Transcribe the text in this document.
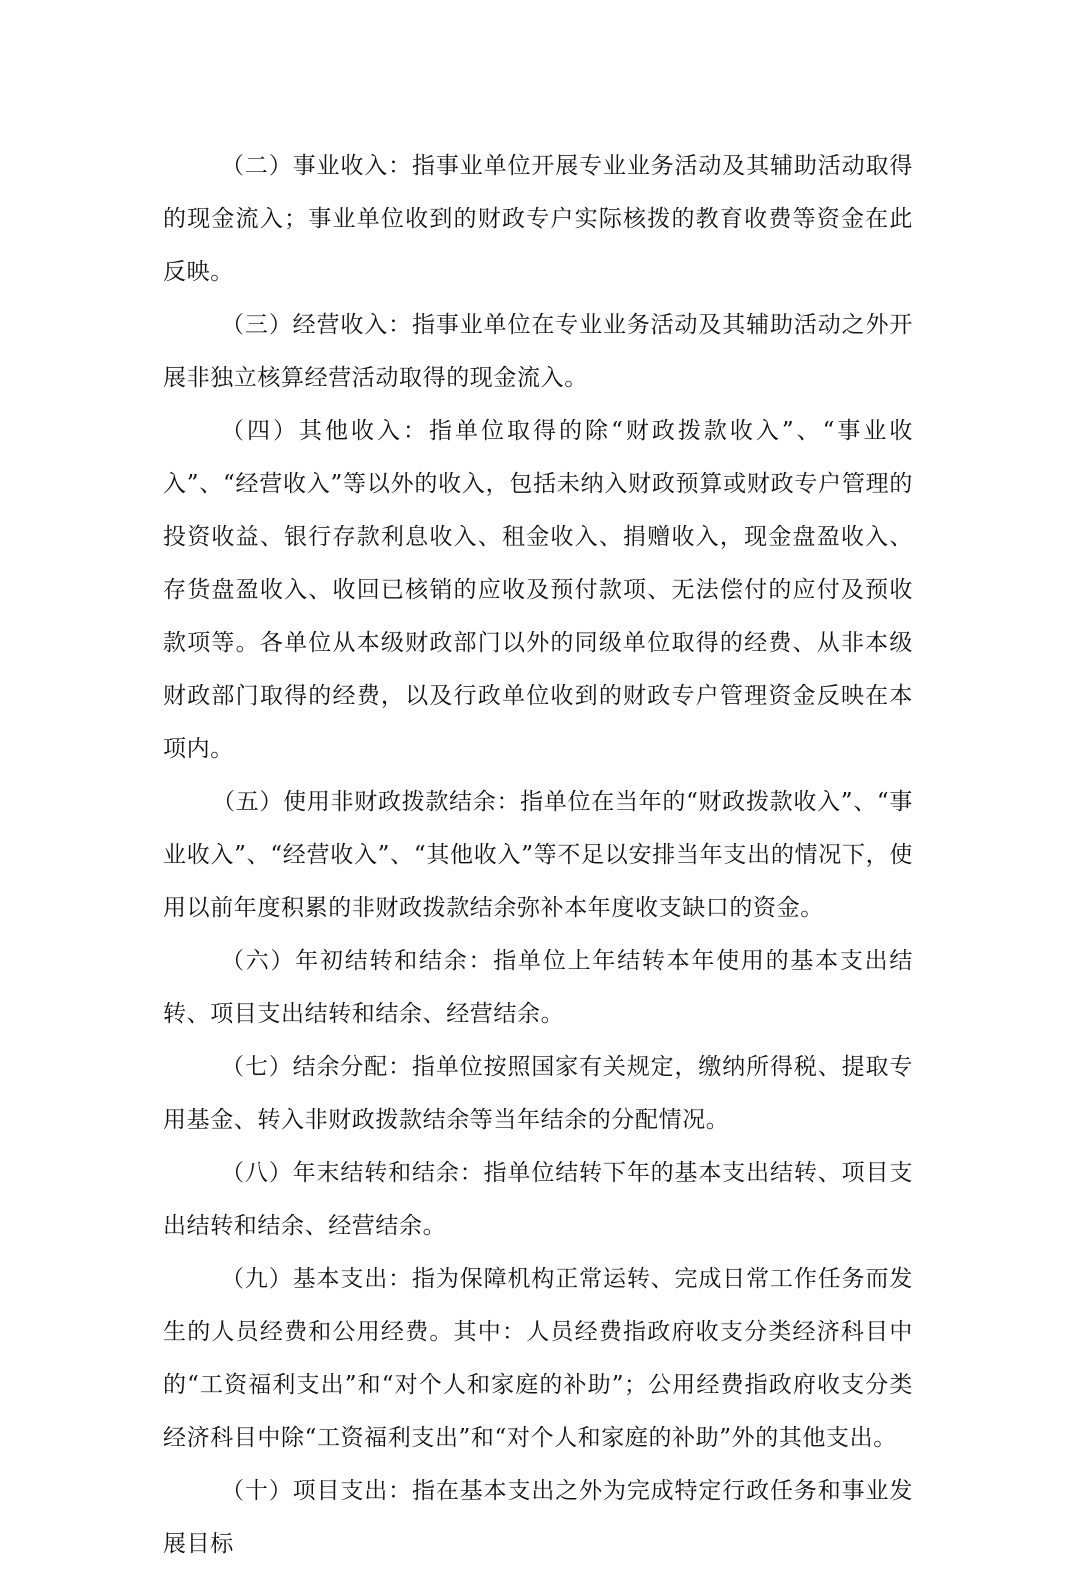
（二）事业收入：指事业单位开展专业业务活动及其辅助活动取得的现金流入；事业单位收到的财政专户实际核拨的教育收费等资金在此反映。

（三）经营收入：指事业单位在专业业务活动及其辅助活动之外开展非独立核算经营活动取得的现金流入。

（四）其他收入：指单位取得的除“财政拨款收入”、“事业收入”、“经营收入”等以外的收入，包括未纳入财政预算或财政专户管理的投资收益、银行存款利息收入、租金收入、捐赠收入，现金盘盈收入、存货盘盈收入、收回已核销的应收及预付款项、无法偿付的应付及预收款项等。各单位从本级财政部门以外的同级单位取得的经费、从非本级财政部门取得的经费，以及行政单位收到的财政专户管理资金反映在本项内。

（五）使用非财政拨款结余：指单位在当年的“财政拨款收入”、“事业收入”、“经营收入”、“其他收入”等不足以安排当年支出的情况下，使用以前年度积累的非财政拨款结余弥补本年度收支缺口的资金。

（六）年初结转和结余：指单位上年结转本年使用的基本支出结转、项目支出结转和结余、经营结余。

（七）结余分配：指单位按照国家有关规定，缴纳所得税、提取专用基金、转入非财政拨款结余等当年结余的分配情况。

（八）年末结转和结余：指单位结转下年的基本支出结转、项目支出结转和结余、经营结余。

（九）基本支出：指为保障机构正常运转、完成日常工作任务而发生的人员经费和公用经费。其中：人员经费指政府收支分类经济科目中的“工资福利支出”和“对个人和家庭的补助”；公用经费指政府收支分类经济科目中除“工资福利支出”和“对个人和家庭的补助”外的其他支出。

（十）项目支出：指在基本支出之外为完成特定行政任务和事业发展目标
